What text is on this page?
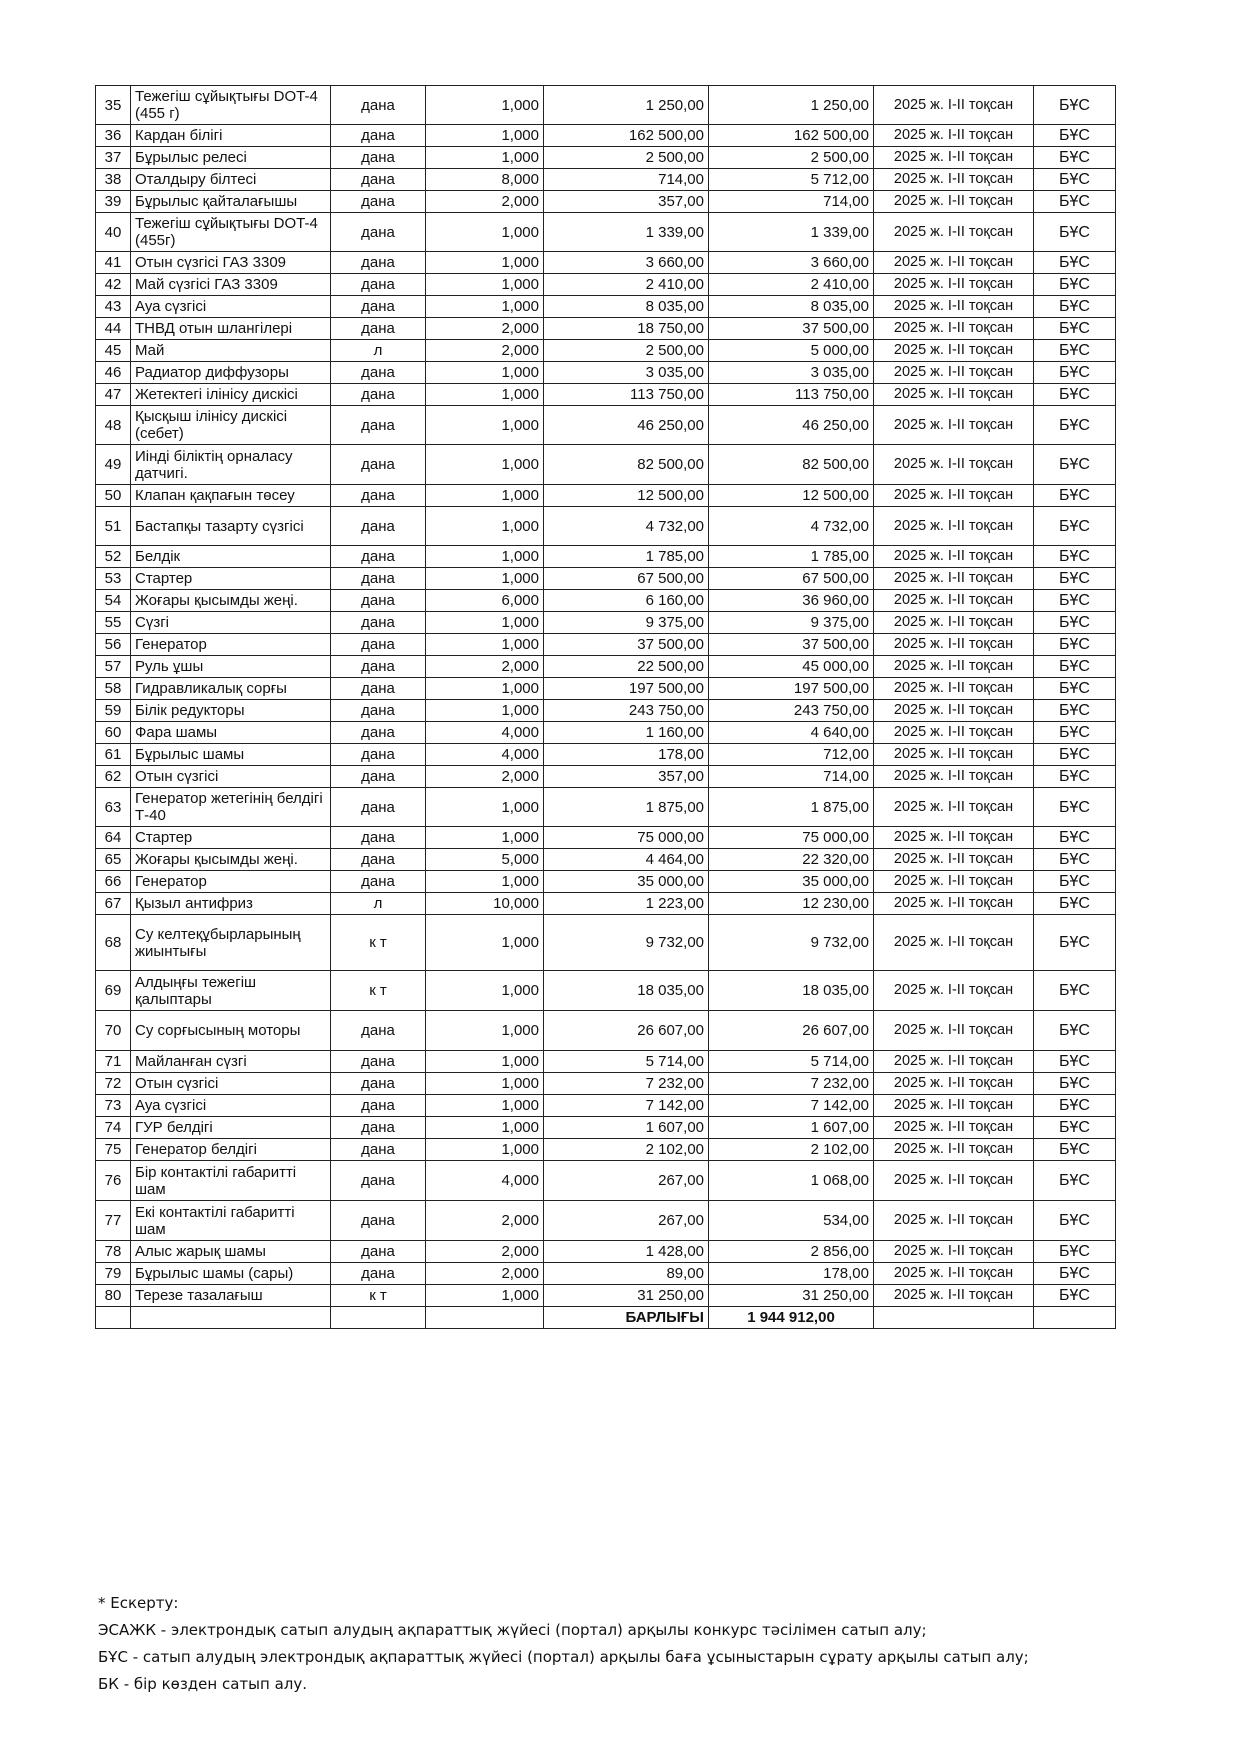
35	Тежегіш сұйықтығы DOT-4 (455 г)	дана	1,000	1 250,00	1 250,00	2025 ж. I-II тоқсан	БҰС
36	Кардан білігі	дана	1,000	162 500,00	162 500,00	2025 ж. I-II тоқсан	БҰС
37	Бұрылыс релесі	дана	1,000	2 500,00	2 500,00	2025 ж. I-II тоқсан	БҰС
38	Оталдыру білтесі	дана	8,000	714,00	5 712,00	2025 ж. I-II тоқсан	БҰС
39	Бұрылыс қайталағышы	дана	2,000	357,00	714,00	2025 ж. I-II тоқсан	БҰС
40	Тежегіш сұйықтығы DOT-4 (455г)	дана	1,000	1 339,00	1 339,00	2025 ж. I-II тоқсан	БҰС
41	Отын сүзгісі ГАЗ 3309	дана	1,000	3 660,00	3 660,00	2025 ж. I-II тоқсан	БҰС
42	Май сүзгісі ГАЗ 3309	дана	1,000	2 410,00	2 410,00	2025 ж. I-II тоқсан	БҰС
43	Ауа сүзгісі	дана	1,000	8 035,00	8 035,00	2025 ж. I-II тоқсан	БҰС
44	ТНВД отын шлангілері	дана	2,000	18 750,00	37 500,00	2025 ж. I-II тоқсан	БҰС
45	Май	л	2,000	2 500,00	5 000,00	2025 ж. I-II тоқсан	БҰС
46	Радиатор диффузоры	дана	1,000	3 035,00	3 035,00	2025 ж. I-II тоқсан	БҰС
47	Жетектегі ілінісу дискісі	дана	1,000	113 750,00	113 750,00	2025 ж. I-II тоқсан	БҰС
48	Қысқыш ілінісу дискісі (себет)	дана	1,000	46 250,00	46 250,00	2025 ж. I-II тоқсан	БҰС
49	Иінді біліктің орналасу датчигі.	дана	1,000	82 500,00	82 500,00	2025 ж. I-II тоқсан	БҰС
50	Клапан қақпағын төсеу	дана	1,000	12 500,00	12 500,00	2025 ж. I-II тоқсан	БҰС
51	Бастапқы тазарту сүзгісі	дана	1,000	4 732,00	4 732,00	2025 ж. I-II тоқсан	БҰС
52	Белдік	дана	1,000	1 785,00	1 785,00	2025 ж. I-II тоқсан	БҰС
53	Стартер	дана	1,000	67 500,00	67 500,00	2025 ж. I-II тоқсан	БҰС
54	Жоғары қысымды жеңі.	дана	6,000	6 160,00	36 960,00	2025 ж. I-II тоқсан	БҰС
55	Сүзгі	дана	1,000	9 375,00	9 375,00	2025 ж. I-II тоқсан	БҰС
56	Генератор	дана	1,000	37 500,00	37 500,00	2025 ж. I-II тоқсан	БҰС
57	Руль ұшы	дана	2,000	22 500,00	45 000,00	2025 ж. I-II тоқсан	БҰС
58	Гидравликалық сорғы	дана	1,000	197 500,00	197 500,00	2025 ж. I-II тоқсан	БҰС
59	Білік редукторы	дана	1,000	243 750,00	243 750,00	2025 ж. I-II тоқсан	БҰС
60	Фара шамы	дана	4,000	1 160,00	4 640,00	2025 ж. I-II тоқсан	БҰС
61	Бұрылыс шамы	дана	4,000	178,00	712,00	2025 ж. I-II тоқсан	БҰС
62	Отын сүзгісі	дана	2,000	357,00	714,00	2025 ж. I-II тоқсан	БҰС
63	Генератор жетегінің белдігі Т-40	дана	1,000	1 875,00	1 875,00	2025 ж. I-II тоқсан	БҰС
64	Стартер	дана	1,000	75 000,00	75 000,00	2025 ж. I-II тоқсан	БҰС
65	Жоғары қысымды жеңі.	дана	5,000	4 464,00	22 320,00	2025 ж. I-II тоқсан	БҰС
66	Генератор	дана	1,000	35 000,00	35 000,00	2025 ж. I-II тоқсан	БҰС
67	Қызыл антифриз	л	10,000	1 223,00	12 230,00	2025 ж. I-II тоқсан	БҰС
68	Су келтеқұбырларының жиынтығы	к т	1,000	9 732,00	9 732,00	2025 ж. I-II тоқсан	БҰС
69	Алдыңғы тежегіш қалыптары	к т	1,000	18 035,00	18 035,00	2025 ж. I-II тоқсан	БҰС
70	Су сорғысының моторы	дана	1,000	26 607,00	26 607,00	2025 ж. I-II тоқсан	БҰС
71	Майланған сүзгі	дана	1,000	5 714,00	5 714,00	2025 ж. I-II тоқсан	БҰС
72	Отын сүзгісі	дана	1,000	7 232,00	7 232,00	2025 ж. I-II тоқсан	БҰС
73	Ауа сүзгісі	дана	1,000	7 142,00	7 142,00	2025 ж. I-II тоқсан	БҰС
74	ГУР белдігі	дана	1,000	1 607,00	1 607,00	2025 ж. I-II тоқсан	БҰС
75	Генератор белдігі	дана	1,000	2 102,00	2 102,00	2025 ж. I-II тоқсан	БҰС
76	Бір контактілі габаритті шам	дана	4,000	267,00	1 068,00	2025 ж. I-II тоқсан	БҰС
77	Екі контактілі габаритті шам	дана	2,000	267,00	534,00	2025 ж. I-II тоқсан	БҰС
78	Алыс жарық шамы	дана	2,000	1 428,00	2 856,00	2025 ж. I-II тоқсан	БҰС
79	Бұрылыс шамы (сары)	дана	2,000	89,00	178,00	2025 ж. I-II тоқсан	БҰС
80	Терезе тазалағыш	к т	1,000	31 250,00	31 250,00	2025 ж. I-II тоқсан	БҰС
				БАРЛЫҒЫ	1 944 912,00		
* Ескерту:
ЭСАЖК - электрондық сатып алудың ақпараттық жүйесі (портал) арқылы конкурс тәсілімен сатып алу;
БҰС - сатып алудың электрондық ақпараттық жүйесі (портал) арқылы баға ұсыныстарын сұрату арқылы сатып алу;
БК - бір көзден сатып алу.
